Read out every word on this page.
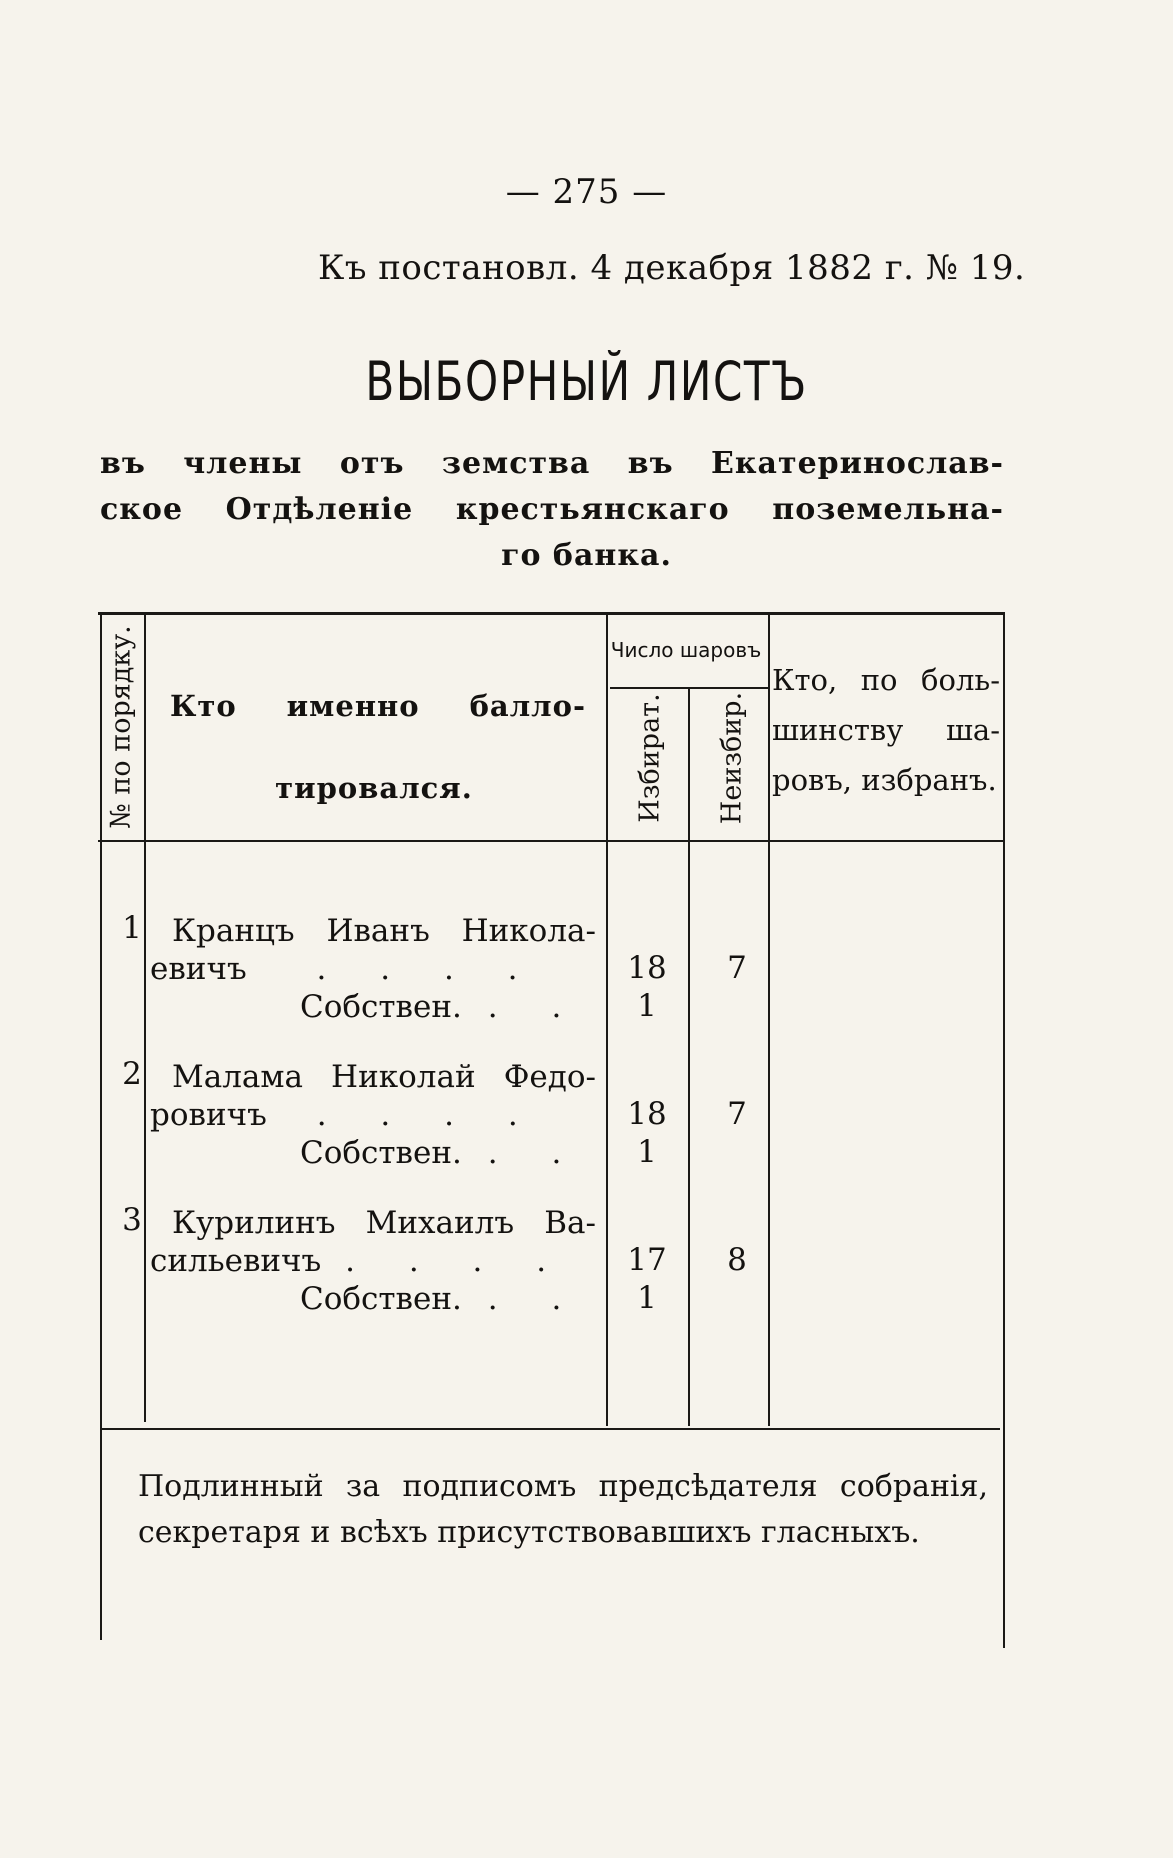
— 275 —
Къ постановл. 4 декабря 1882 г. № 19.
ВЫБОРНЫЙ ЛИСТЪ
въ члены отъ земства въ Екатеринослав-
ское Отдѣленіе крестьянскаго поземельна-
го банка.
№ по порядку.	Кто именно балло-
тировался.
Число шаровъ
Избират. Неизбир.
Кто, по боль-
шинству ша-
ровъ, избранъ.
1 Кранцъ Иванъ Никола-
евичъ . . . .
Собствен. . .
18	7
1
2 Малама Николай Федо-
ровичъ . . . .
Собствен. . .
18	7
1
3 Курилинъ Михаилъ Ва-
сильевичъ . . . .
Собствен. . .
17	8
1
Подлинный за подписомъ предсѣдателя собранія,
секретаря и всѣхъ присутствовавшихъ гласныхъ.
